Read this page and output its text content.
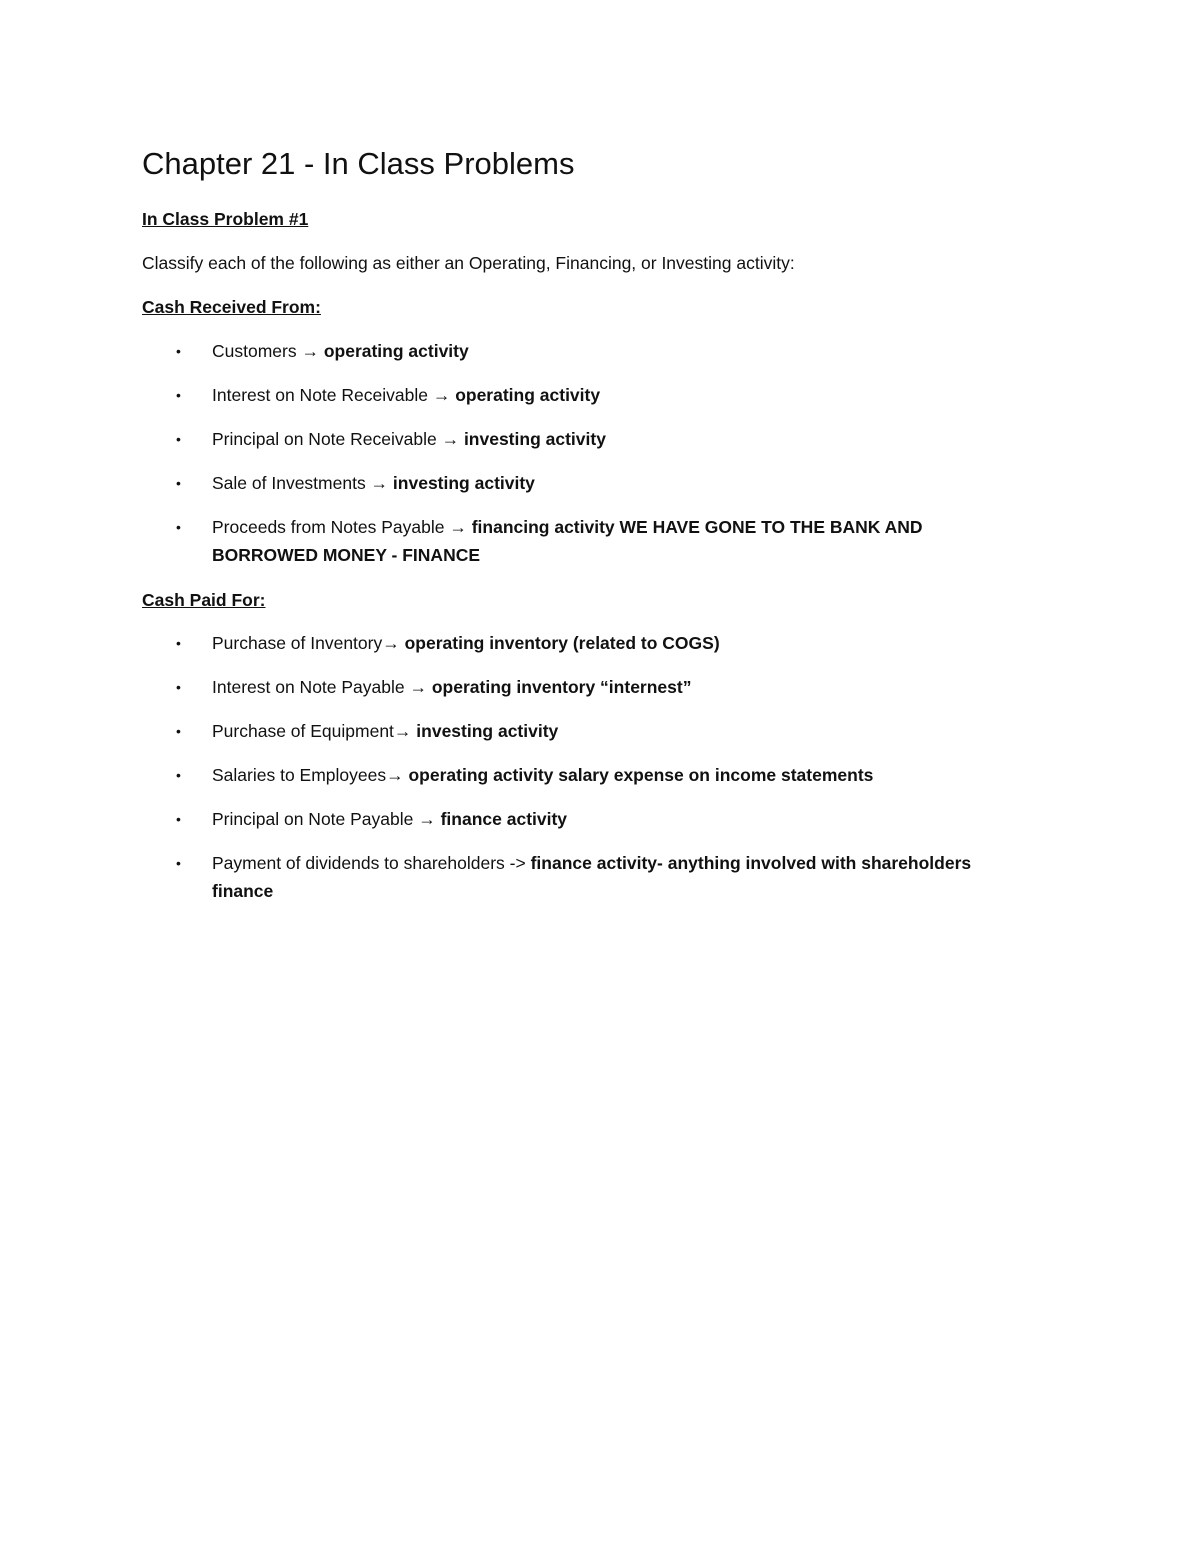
Chapter 21 - In Class Problems

In Class Problem #1

Classify each of the following as either an Operating, Financing, or Investing activity:

Cash Received From:

• Customers → operating activity
• Interest on Note Receivable → operating activity
• Principal on Note Receivable → investing activity
• Sale of Investments → investing activity
• Proceeds from Notes Payable → financing activity WE HAVE GONE TO THE BANK AND
BORROWED MONEY - FINANCE

Cash Paid For:

• Purchase of Inventory→ operating inventory (related to COGS)
• Interest on Note Payable → operating inventory “internest”
• Purchase of Equipment→ investing activity
• Salaries to Employees→ operating activity salary expense on income statements
• Principal on Note Payable → finance activity
• Payment of dividends to shareholders -> finance activity- anything involved with shareholders
finance
